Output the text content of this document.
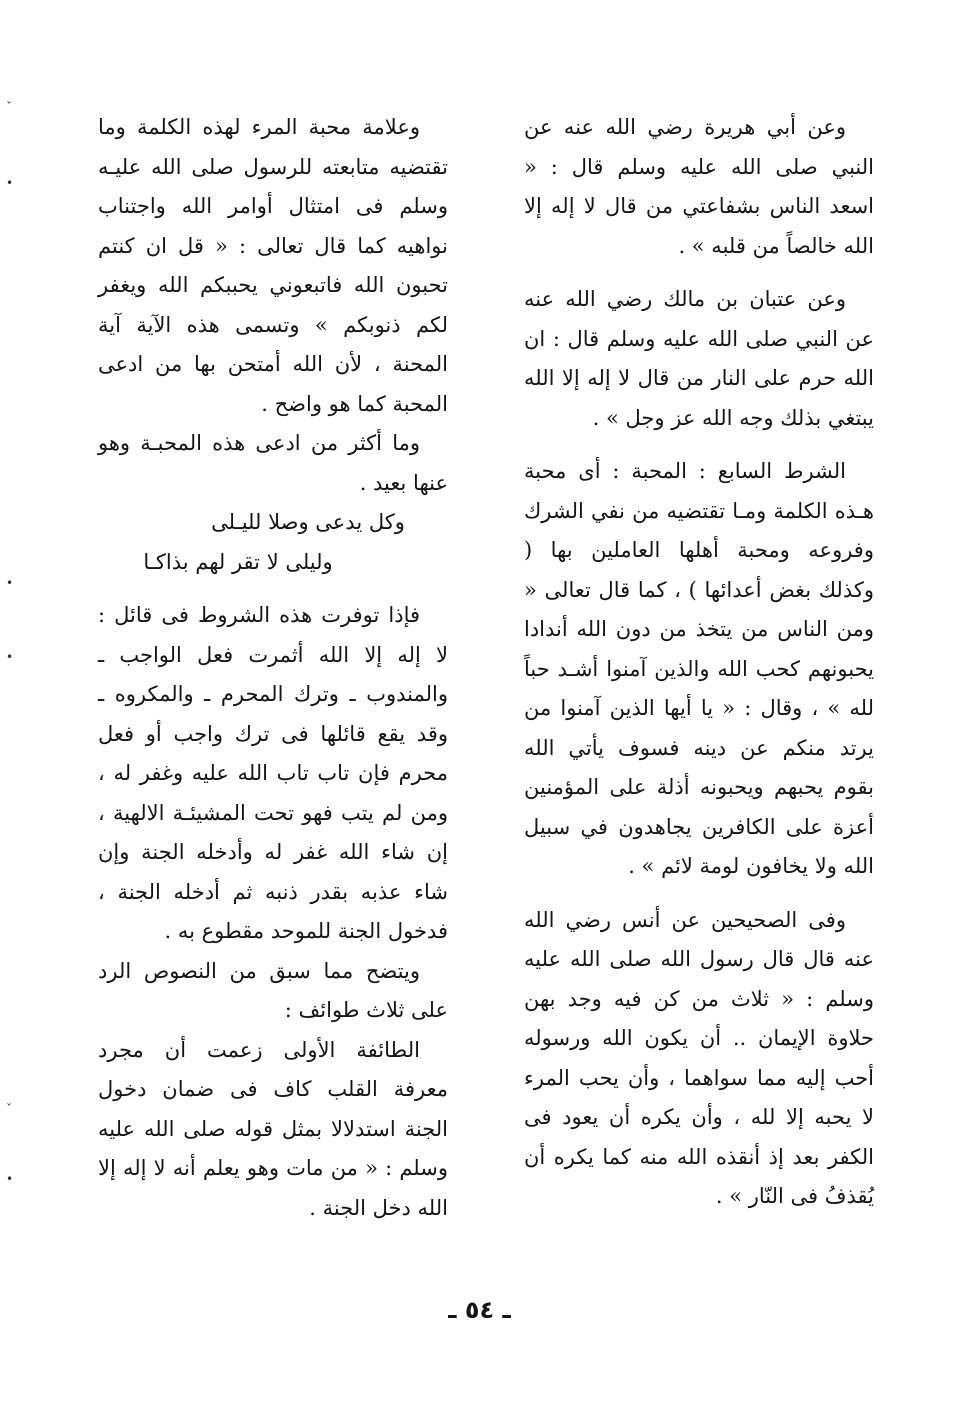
ˇ
•
•
•
ˇ
•

وعن أبي هريرة رضي الله عنه عن النبي صلى الله عليه وسلم قال : « اسعد الناس بشفاعتي من قال لا إله إلا الله خالصاً من قلبه » .

وعن عتبان بن مالك رضي الله عنه عن النبي صلى الله عليه وسلم قال : ان الله حرم على النار من قال لا إله إلا الله يبتغي بذلك وجه الله عز وجل » .

الشرط السابع : المحبة : أى محبة هـذه الكلمة ومـا تقتضيه من نفي الشرك وفروعه ومحبة أهلها العاملين بها ( وكذلك بغض أعدائها ) ، كما قال تعالى « ومن الناس من يتخذ من دون الله أندادا يحبونهم كحب الله والذين آمنوا أشـد حباً لله » ، وقال : « يا أيها الذين آمنوا من يرتد منكم عن دينه فسوف يأتي الله بقوم يحبهم ويحبونه أذلة على المؤمنين أعزة على الكافرين يجاهدون في سبيل الله ولا يخافون لومة لائم » .

وفى الصحيحين عن أنس رضي الله عنه قال قال رسول الله صلى الله عليه وسلم : « ثلاث من كن فيه وجد بهن حلاوة الإيمان .. أن يكون الله ورسوله أحب إليه مما سواهما ، وأن يحب المرء لا يحبه إلا لله ، وأن يكره أن يعود فى الكفر بعد إذ أنقذه الله منه كما يكره أن يُقذفُ فى النّار » .

وعلامة محبة المرء لهذه الكلمة وما تقتضيه متابعته للرسول صلى الله عليـه وسلم فى امتثال أوامر الله واجتناب نواهيه كما قال تعالى : « قل ان كنتم تحبون الله فاتبعوني يحببكم الله ويغفر لكم ذنوبكم » وتسمى هذه الآية آية المحنة ، لأن الله أمتحن بها من ادعى المحبة كما هو واضح .

وما أكثر من ادعى هذه المحبـة وهو عنها بعيد .

وكل يدعى وصلا لليـلى

وليلى لا تقر لهم بذاكـا

فإذا توفرت هذه الشروط فى قائل : لا إله إلا الله أثمرت فعل الواجب ـ والمندوب ـ وترك المحرم ـ والمكروه ـ وقد يقع قائلها فى ترك واجب أو فعل محرم فإن تاب تاب الله عليه وغفر له ، ومن لم يتب فهو تحت المشيئـة الالهية ، إن شاء الله غفر له وأدخله الجنة وإن شاء عذبه بقدر ذنبه ثم أدخله الجنة ، فدخول الجنة للموحد مقطوع به .

ويتضح مما سبق من النصوص الرد على ثلاث طوائف :

الطائفة الأولى زعمت أن مجرد معرفة القلب كاف فى ضمان دخول الجنة استدلالا بمثل قوله صلى الله عليه وسلم : « من مات وهو يعلم أنه لا إله إلا الله دخل الجنة .

ـ ٥٤ ـ
